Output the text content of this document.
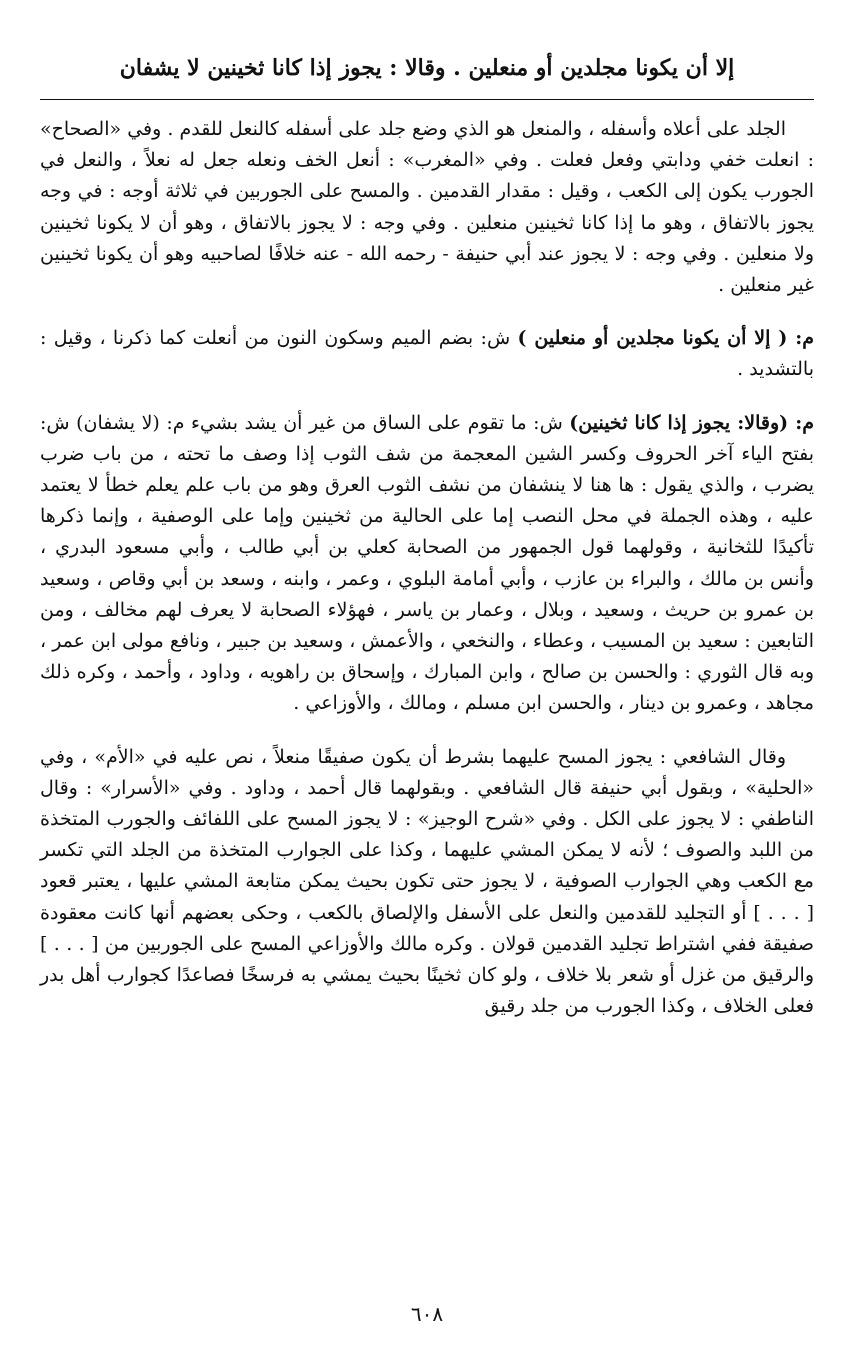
إلا أن يكونا مجلدين أو منعلين . وقالا : يجوز إذا كانا ثخينين لا يشفان

الجلد على أعلاه وأسفله ، والمنعل هو الذي وضع جلد على أسفله كالنعل للقدم . وفي «الصحاح» : انعلت خفي ودابتي وفعل فعلت . وفي «المغرب» : أنعل الخف ونعله جعل له نعلاً ، والنعل في الجورب يكون إلى الكعب ، وقيل : مقدار القدمين . والمسح على الجوربين في ثلاثة أوجه : في وجه يجوز بالاتفاق ، وهو ما إذا كانا ثخينين منعلين . وفي وجه : لا يجوز بالاتفاق ، وهو أن لا يكونا ثخينين ولا منعلين . وفي وجه : لا يجوز عند أبي حنيفة - رحمه الله - عنه خلافًا لصاحبيه وهو أن يكونا ثخينين غير منعلين .

م: ( إلا أن يكونا مجلدين أو منعلين ) ش: بضم الميم وسكون النون من أنعلت كما ذكرنا ، وقيل : بالتشديد .

م: (وقالا: يجوز إذا كانا ثخينين) ش: ما تقوم على الساق من غير أن يشد بشيء م: (لا يشفان) ش: بفتح الياء آخر الحروف وكسر الشين المعجمة من شف الثوب إذا وصف ما تحته ، من باب ضرب يضرب ، والذي يقول : ها هنا لا ينشفان من نشف الثوب العرق وهو من باب علم يعلم خطأ لا يعتمد عليه ، وهذه الجملة في محل النصب إما على الحالية من ثخينين وإما على الوصفية ، وإنما ذكرها تأكيدًا للثخانية ، وقولهما قول الجمهور من الصحابة كعلي بن أبي طالب ، وأبي مسعود البدري ، وأنس بن مالك ، والبراء بن عازب ، وأبي أمامة البلوي ، وعمر ، وابنه ، وسعد بن أبي وقاص ، وسعيد بن عمرو بن حريث ، وسعيد ، وبلال ، وعمار بن ياسر ، فهؤلاء الصحابة لا يعرف لهم مخالف ، ومن التابعين : سعيد بن المسيب ، وعطاء ، والنخعي ، والأعمش ، وسعيد بن جبير ، ونافع مولى ابن عمر ، وبه قال الثوري : والحسن بن صالح ، وابن المبارك ، وإسحاق بن راهويه ، وداود ، وأحمد ، وكره ذلك مجاهد ، وعمرو بن دينار ، والحسن ابن مسلم ، ومالك ، والأوزاعي .

وقال الشافعي : يجوز المسح عليهما بشرط أن يكون صفيقًا منعلاً ، نص عليه في «الأم» ، وفي «الحلية» ، وبقول أبي حنيفة قال الشافعي . وبقولهما قال أحمد ، وداود . وفي «الأسرار» : وقال الناطفي : لا يجوز على الكل . وفي «شرح الوجيز» : لا يجوز المسح على اللفائف والجورب المتخذة من اللبد والصوف ؛ لأنه لا يمكن المشي عليهما ، وكذا على الجوارب المتخذة من الجلد التي تكسر مع الكعب وهي الجوارب الصوفية ، لا يجوز حتى تكون بحيث يمكن متابعة المشي عليها ، يعتبر قعود [ . . . ] أو التجليد للقدمين والنعل على الأسفل والإلصاق بالكعب ، وحكى بعضهم أنها كانت معقودة صفيقة ففي اشتراط تجليد القدمين قولان . وكره مالك والأوزاعي المسح على الجوربين من [ . . . ] والرقيق من غزل أو شعر بلا خلاف ، ولو كان ثخينًا بحيث يمشي به فرسخًا فصاعدًا كجوارب أهل بدر فعلى الخلاف ، وكذا الجورب من جلد رقيق

٦٠٨
